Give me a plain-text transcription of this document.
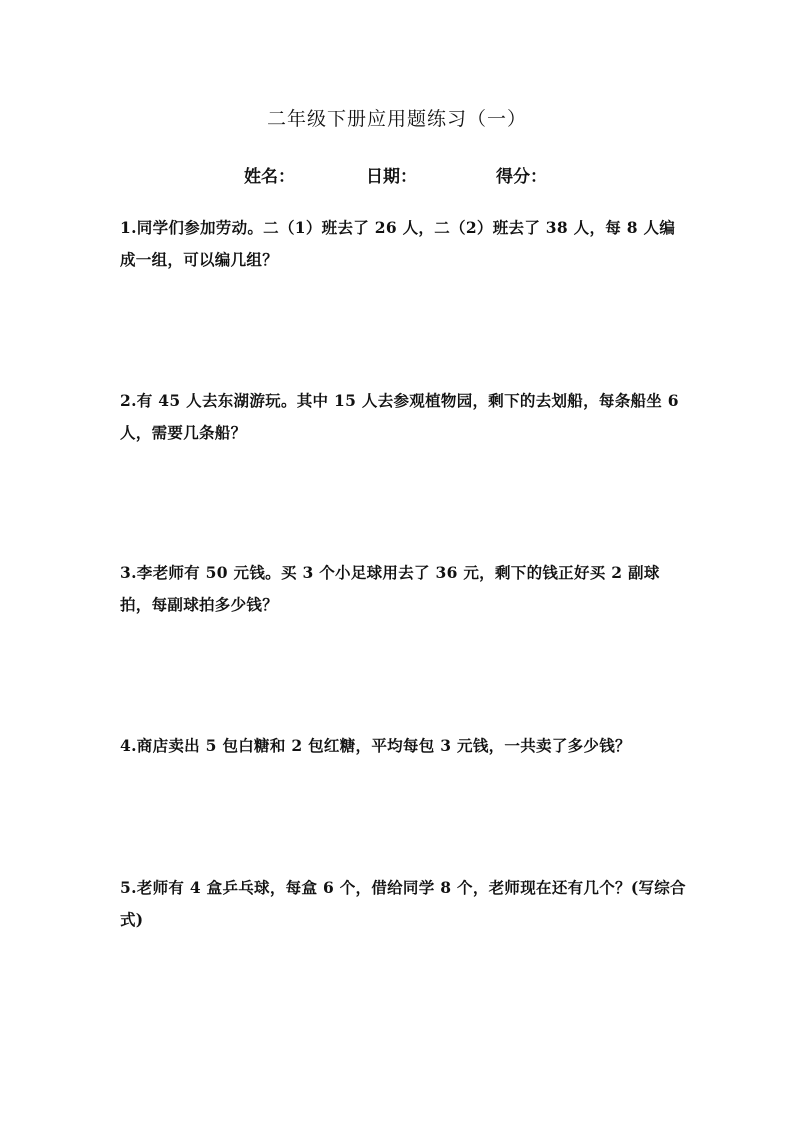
二年级下册应用题练习（一）
姓名：	日期：	得分：
1.同学们参加劳动。二（1）班去了 26 人，二（2）班去了 38 人，每 8 人编成一组，可以编几组？
2.有 45 人去东湖游玩。其中 15 人去参观植物园，剩下的去划船，每条船坐 6 人，需要几条船？
3.李老师有 50 元钱。买 3 个小足球用去了 36 元，剩下的钱正好买 2 副球拍，每副球拍多少钱？
4.商店卖出 5 包白糖和 2 包红糖，平均每包 3 元钱，一共卖了多少钱？
5.老师有 4 盒乒乓球，每盒 6 个，借给同学 8 个，老师现在还有几个？(写综合式)
